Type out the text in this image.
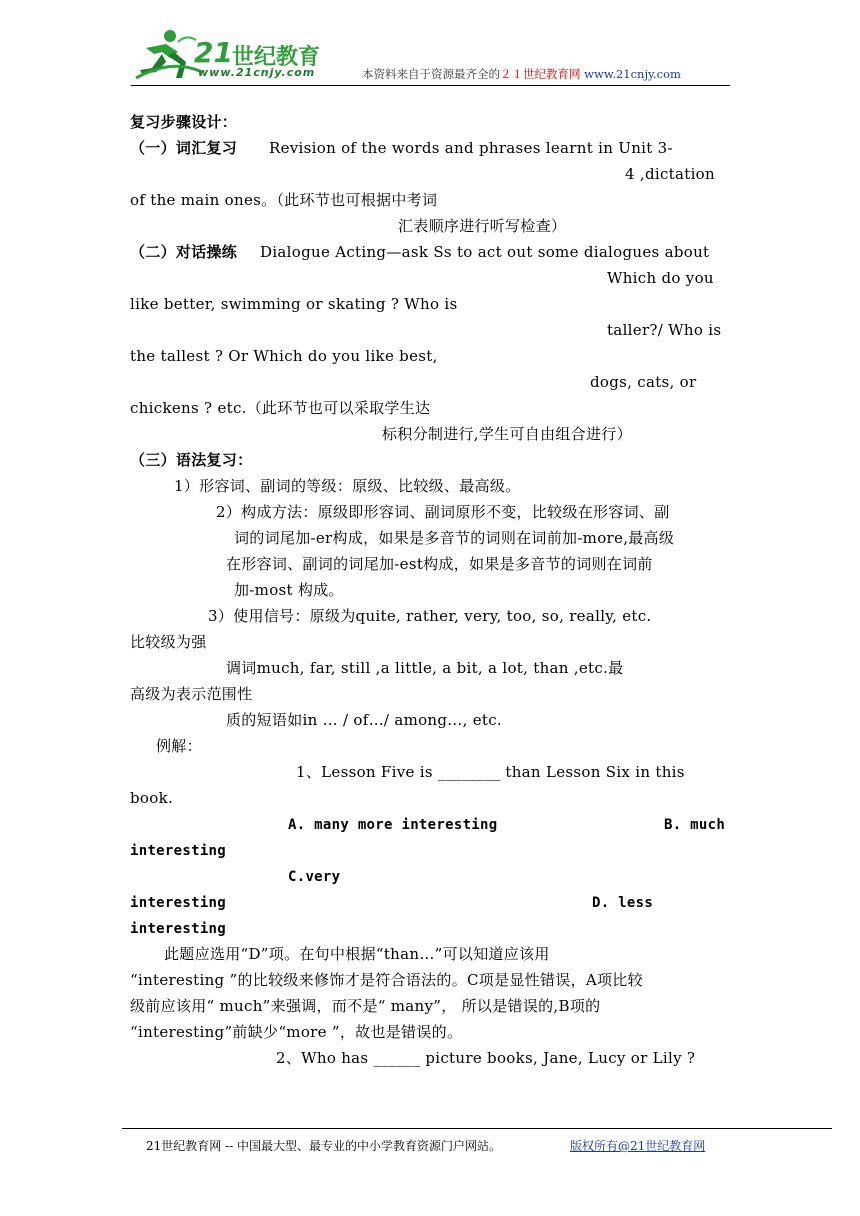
21 世纪教育
www.21cnjy.com	本资料来自于资源最齐全的２１世纪教育网 www.21cnjy.com
复习步骤设计：
（一）词汇复习 Revision of the words and phrases learnt in Unit 3-
4 ,dictation
of the main ones。（此环节也可根据中考词
汇表顺序进行听写检查）
（二）对话操练 Dialogue Acting—ask Ss to act out some dialogues about
Which do you
like better, swimming or skating ? Who is
taller?/ Who is
the tallest ? Or Which do you like best,
dogs, cats, or
chickens ? etc.（此环节也可以采取学生达
标积分制进行,学生可自由组合进行）
（三）语法复习：
1）形容词、副词的等级：原级、比较级、最高级。
2）构成方法：原级即形容词、副词原形不变，比较级在形容词、副
词的词尾加-er构成，如果是多音节的词则在词前加-more,最高级
在形容词、副词的词尾加-est构成，如果是多音节的词则在词前
加-most 构成。
3）使用信号：原级为quite, rather, very, too, so, really, etc.
比较级为强
调词much, far, still ,a little, a bit, a lot, than ,etc.最
高级为表示范围性
质的短语如in … / of…/ among…, etc.
例解：
1、Lesson Five is ________ than Lesson Six in this
book.
A. many more interesting	B. much
interesting
C.very
interesting	D. less
interesting
此题应选用“D”项。在句中根据“than…”可以知道应该用
“interesting ”的比较级来修饰才是符合语法的。C项是显性错误，A项比较
级前应该用“ much”来强调，而不是“ many”， 所以是错误的,B项的
“interesting”前缺少“more ”，故也是错误的。
2、Who has ______ picture books, Jane, Lucy or Lily ?
21世纪教育网 -- 中国最大型、最专业的中小学教育资源门户网站。	版权所有@21世纪教育网
